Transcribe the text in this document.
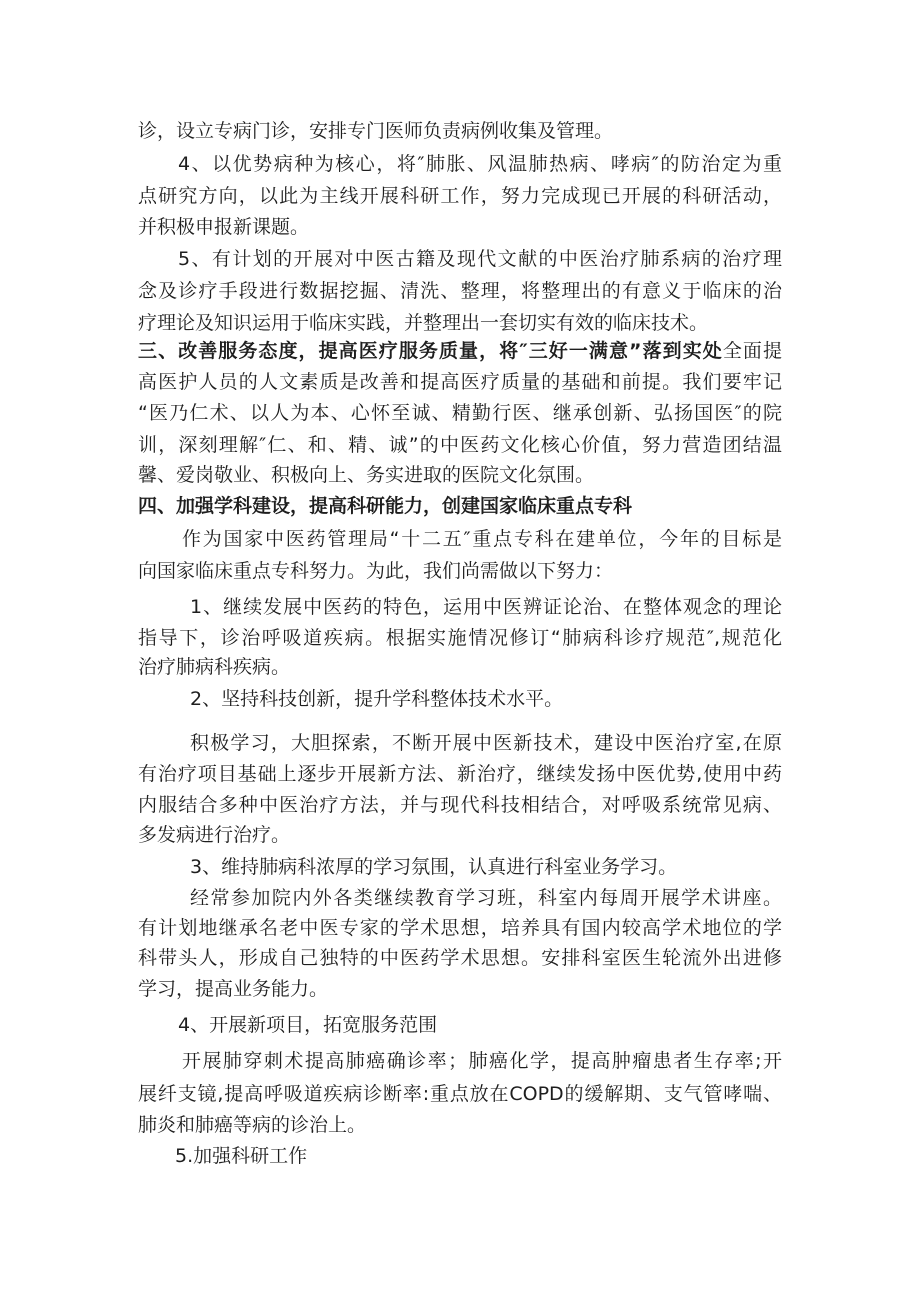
诊，设立专病门诊，安排专门医师负责病例收集及管理。
4、以优势病种为核心，将″肺胀、风温肺热病、哮病″的防治定为重
点研究方向，以此为主线开展科研工作，努力完成现已开展的科研活动，
并积极申报新课题。
5、有计划的开展对中医古籍及现代文献的中医治疗肺系病的治疗理
念及诊疗手段进行数据挖掘、清洗、整理，将整理出的有意义于临床的治
疗理论及知识运用于临床实践，并整理出一套切实有效的临床技术。
三、改善服务态度，提高医疗服务质量，将″三好一满意”落到实处全面提
高医护人员的人文素质是改善和提高医疗质量的基础和前提。我们要牢记
“医乃仁术、以人为本、心怀至诚、精勤行医、继承创新、弘扬国医″的院
训，深刻理解″仁、和、精、诚”的中医药文化核心价值，努力营造团结温
馨、爱岗敬业、积极向上、务实进取的医院文化氛围。
四、加强学科建设，提高科研能力，创建国家临床重点专科
作为国家中医药管理局“十二五″重点专科在建单位，今年的目标是
向国家临床重点专科努力。为此，我们尚需做以下努力：
1、继续发展中医药的特色，运用中医辨证论治、在整体观念的理论
指导下，诊治呼吸道疾病。根据实施情况修订“肺病科诊疗规范″,规范化
治疗肺病科疾病。
2、坚持科技创新，提升学科整体技术水平。
积极学习，大胆探索，不断开展中医新技术，建设中医治疗室,在原
有治疗项目基础上逐步开展新方法、新治疗，继续发扬中医优势,使用中药
内服结合多种中医治疗方法，并与现代科技相结合，对呼吸系统常见病、
多发病进行治疗。
3、维持肺病科浓厚的学习氛围，认真进行科室业务学习。
经常参加院内外各类继续教育学习班，科室内每周开展学术讲座。
有计划地继承名老中医专家的学术思想，培养具有国内较高学术地位的学
科带头人，形成自己独特的中医药学术思想。安排科室医生轮流外出进修
学习，提高业务能力。
4、开展新项目，拓宽服务范围
开展肺穿刺术提高肺癌确诊率；肺癌化学，提高肿瘤患者生存率;开
展纤支镜,提高呼吸道疾病诊断率:重点放在COPD的缓解期、支气管哮喘、
肺炎和肺癌等病的诊治上。
5.加强科研工作
